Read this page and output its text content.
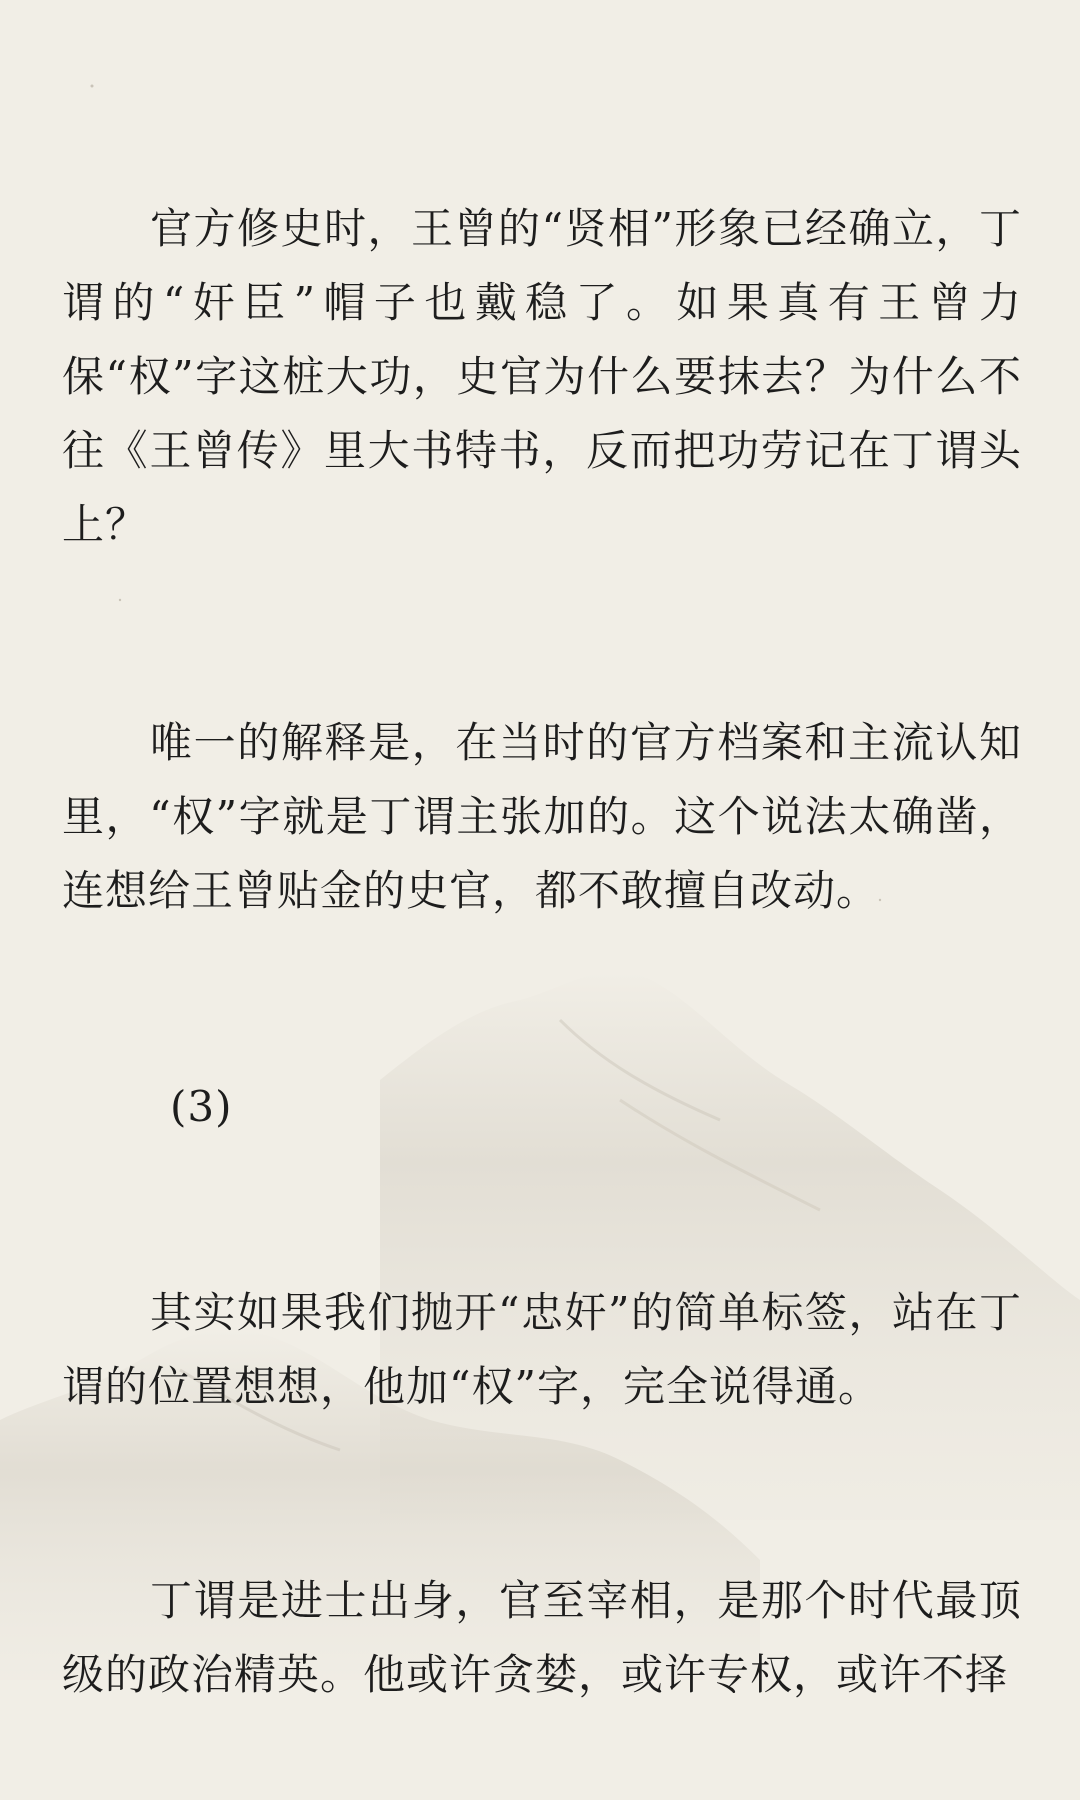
官方修史时，王曾的“贤相”形象已经确立，丁谓的“奸臣”帽子也戴稳了。如果真有王曾力保“权”字这桩大功，史官为什么要抹去？为什么不往《王曾传》里大书特书，反而把功劳记在丁谓头上？

唯一的解释是，在当时的官方档案和主流认知里，“权”字就是丁谓主张加的。这个说法太确凿，连想给王曾贴金的史官，都不敢擅自改动。

(3)

其实如果我们抛开“忠奸”的简单标签，站在丁谓的位置想想，他加“权”字，完全说得通。

丁谓是进士出身，官至宰相，是那个时代最顶级的政治精英。他或许贪婪，或许专权，或许不择
